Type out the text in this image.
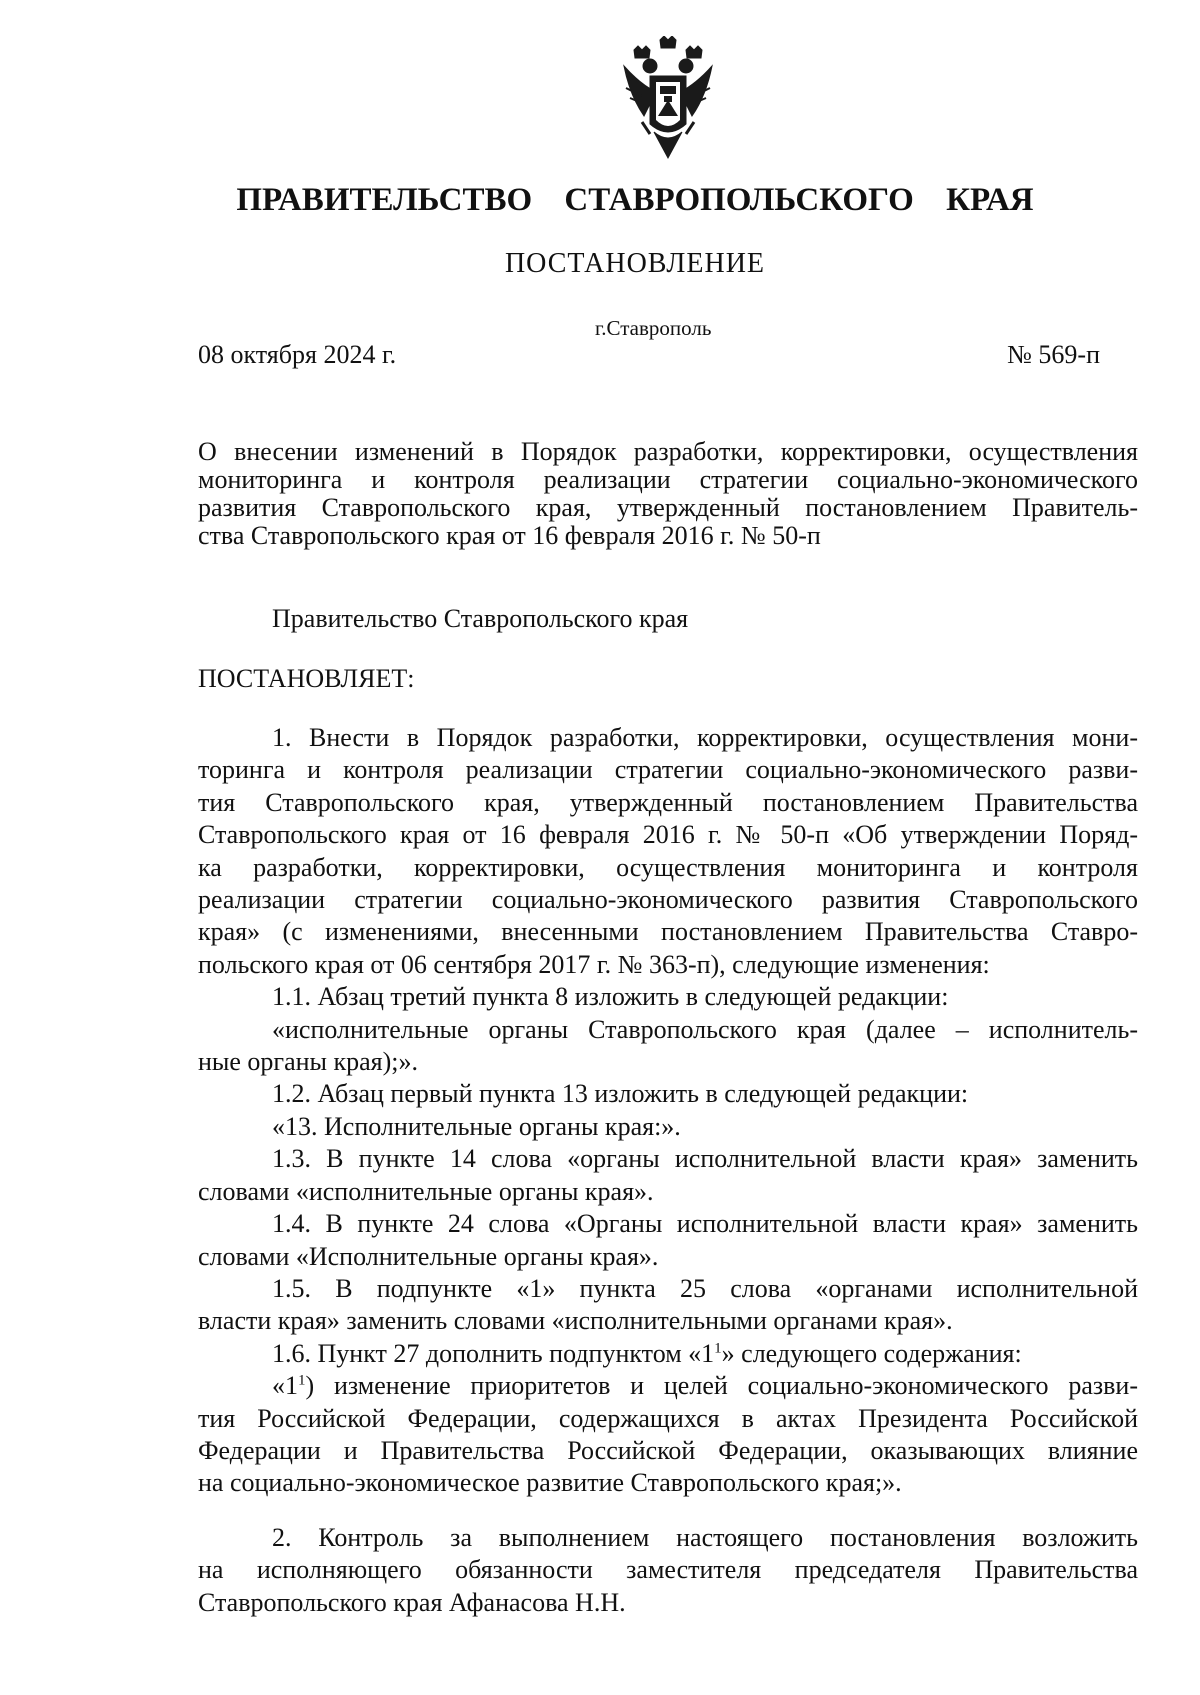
ПРАВИТЕЛЬСТВО СТАВРОПОЛЬСКОГО КРАЯ
ПОСТАНОВЛЕНИЕ
г.Ставрополь
08 октября 2024 г.	№ 569-п
О внесении изменений в Порядок разработки, корректировки, осуществления
мониторинга и контроля реализации стратегии социально-экономического
развития Ставропольского края, утвержденный постановлением Правитель-
ства Ставропольского края от 16 февраля 2016 г. № 50-п
Правительство Ставропольского края
ПОСТАНОВЛЯЕТ:
1. Внести в Порядок разработки, корректировки, осуществления мони-
торинга и контроля реализации стратегии социально-экономического разви-
тия Ставропольского края, утвержденный постановлением Правительства
Ставропольского края от 16 февраля 2016 г. № 50-п «Об утверждении Поряд-
ка разработки, корректировки, осуществления мониторинга и контроля
реализации стратегии социально-экономического развития Ставропольского
края» (с изменениями, внесенными постановлением Правительства Ставро-
польского края от 06 сентября 2017 г. № 363-п), следующие изменения:
1.1. Абзац третий пункта 8 изложить в следующей редакции:
«исполнительные органы Ставропольского края (далее – исполнитель-
ные органы края);».
1.2. Абзац первый пункта 13 изложить в следующей редакции:
«13. Исполнительные органы края:».
1.3. В пункте 14 слова «органы исполнительной власти края» заменить
словами «исполнительные органы края».
1.4. В пункте 24 слова «Органы исполнительной власти края» заменить
словами «Исполнительные органы края».
1.5. В подпункте «1» пункта 25 слова «органами исполнительной
власти края» заменить словами «исполнительными органами края».
1.6. Пункт 27 дополнить подпунктом «$1^1$» следующего содержания:
«$1^1$) изменение приоритетов и целей социально-экономического разви-
тия Российской Федерации, содержащихся в актах Президента Российской
Федерации и Правительства Российской Федерации, оказывающих влияние
на социально-экономическое развитие Ставропольского края;».
2. Контроль за выполнением настоящего постановления возложить
на исполняющего обязанности заместителя председателя Правительства
Ставропольского края Афанасова Н.Н.
